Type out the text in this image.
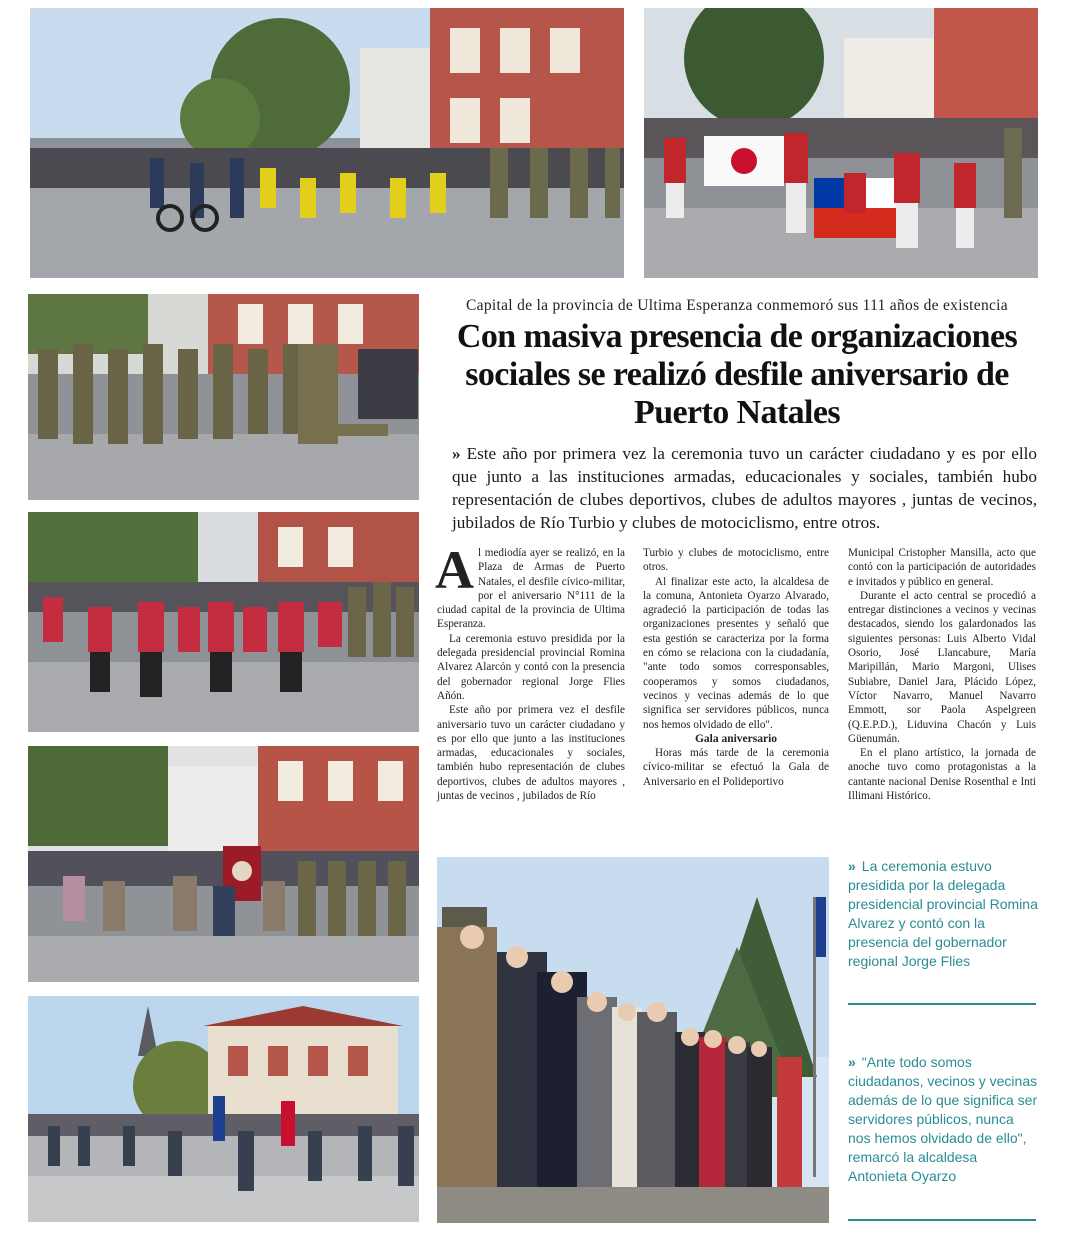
Capital de la provincia de Ultima Esperanza conmemoró sus 111 años de existencia
Con masiva presencia de organizaciones sociales se realizó desfile aniversario de Puerto Natales

» Este año por primera vez la ceremonia tuvo un carácter ciudadano y es por ello que junto a las instituciones armadas, educacionales y sociales, también hubo representación de clubes deportivos, clubes de adultos mayores , juntas de vecinos, jubilados de Río Turbio y clubes de motociclismo, entre otros.

Al mediodía ayer se realizó, en la Plaza de Armas de Puerto Natales, el desfile cívico-militar, por el aniversario N°111 de la ciudad capital de la provincia de Ultima Esperanza.

La ceremonia estuvo presidida por la delegada presidencial provincial Romina Alvarez Alarcón y contó con la presencia del gobernador regional Jorge Flies Añón.

Este año por primera vez el desfile aniversario tuvo un carácter ciudadano y es por ello que junto a las instituciones armadas, educacionales y sociales, también hubo representación de clubes deportivos, clubes de adultos mayores , juntas de vecinos , jubilados de Río

Turbio y clubes de motociclismo, entre otros.

Al finalizar este acto, la alcaldesa de la comuna, Antonieta Oyarzo Alvarado, agradeció la participación de todas las organizaciones presentes y señaló que esta gestión se caracteriza por la forma en cómo se relaciona con la ciudadanía, "ante todo somos corresponsables, cooperamos y somos ciudadanos, vecinos y vecinas además de lo que significa ser servidores públicos, nunca nos hemos olvidado de ello".

Gala aniversario

Horas más tarde de la ceremonia cívico-militar se efectuó la Gala de Aniversario en el Polideportivo

Municipal Cristopher Mansilla, acto que contó con la participación de autoridades e invitados y público en general.

Durante el acto central se procedió a entregar distinciones a vecinos y vecinas destacados, siendo los galardonados las siguientes personas: Luis Alberto Vidal Osorio, José Llancabure, María Maripillán, Mario Margoni, Ulises Subiabre, Daniel Jara, Plácido López, Víctor Navarro, Manuel Navarro Emmott, sor Paola Aspelgreen (Q.E.P.D.), Liduvina Chacón y Luis Güenumán.

En el plano artístico, la jornada de anoche tuvo como protagonistas a la cantante nacional Denise Rosenthal e Inti Illimani Histórico.

» La ceremonia estuvo presidida por la delegada presidencial provincial Romina Alvarez y contó con la presencia del gobernador regional Jorge Flies
» "Ante todo somos ciudadanos, vecinos y vecinas además de lo que significa ser servidores públicos, nunca nos hemos olvidado de ello", remarcó la alcaldesa Antonieta Oyarzo
